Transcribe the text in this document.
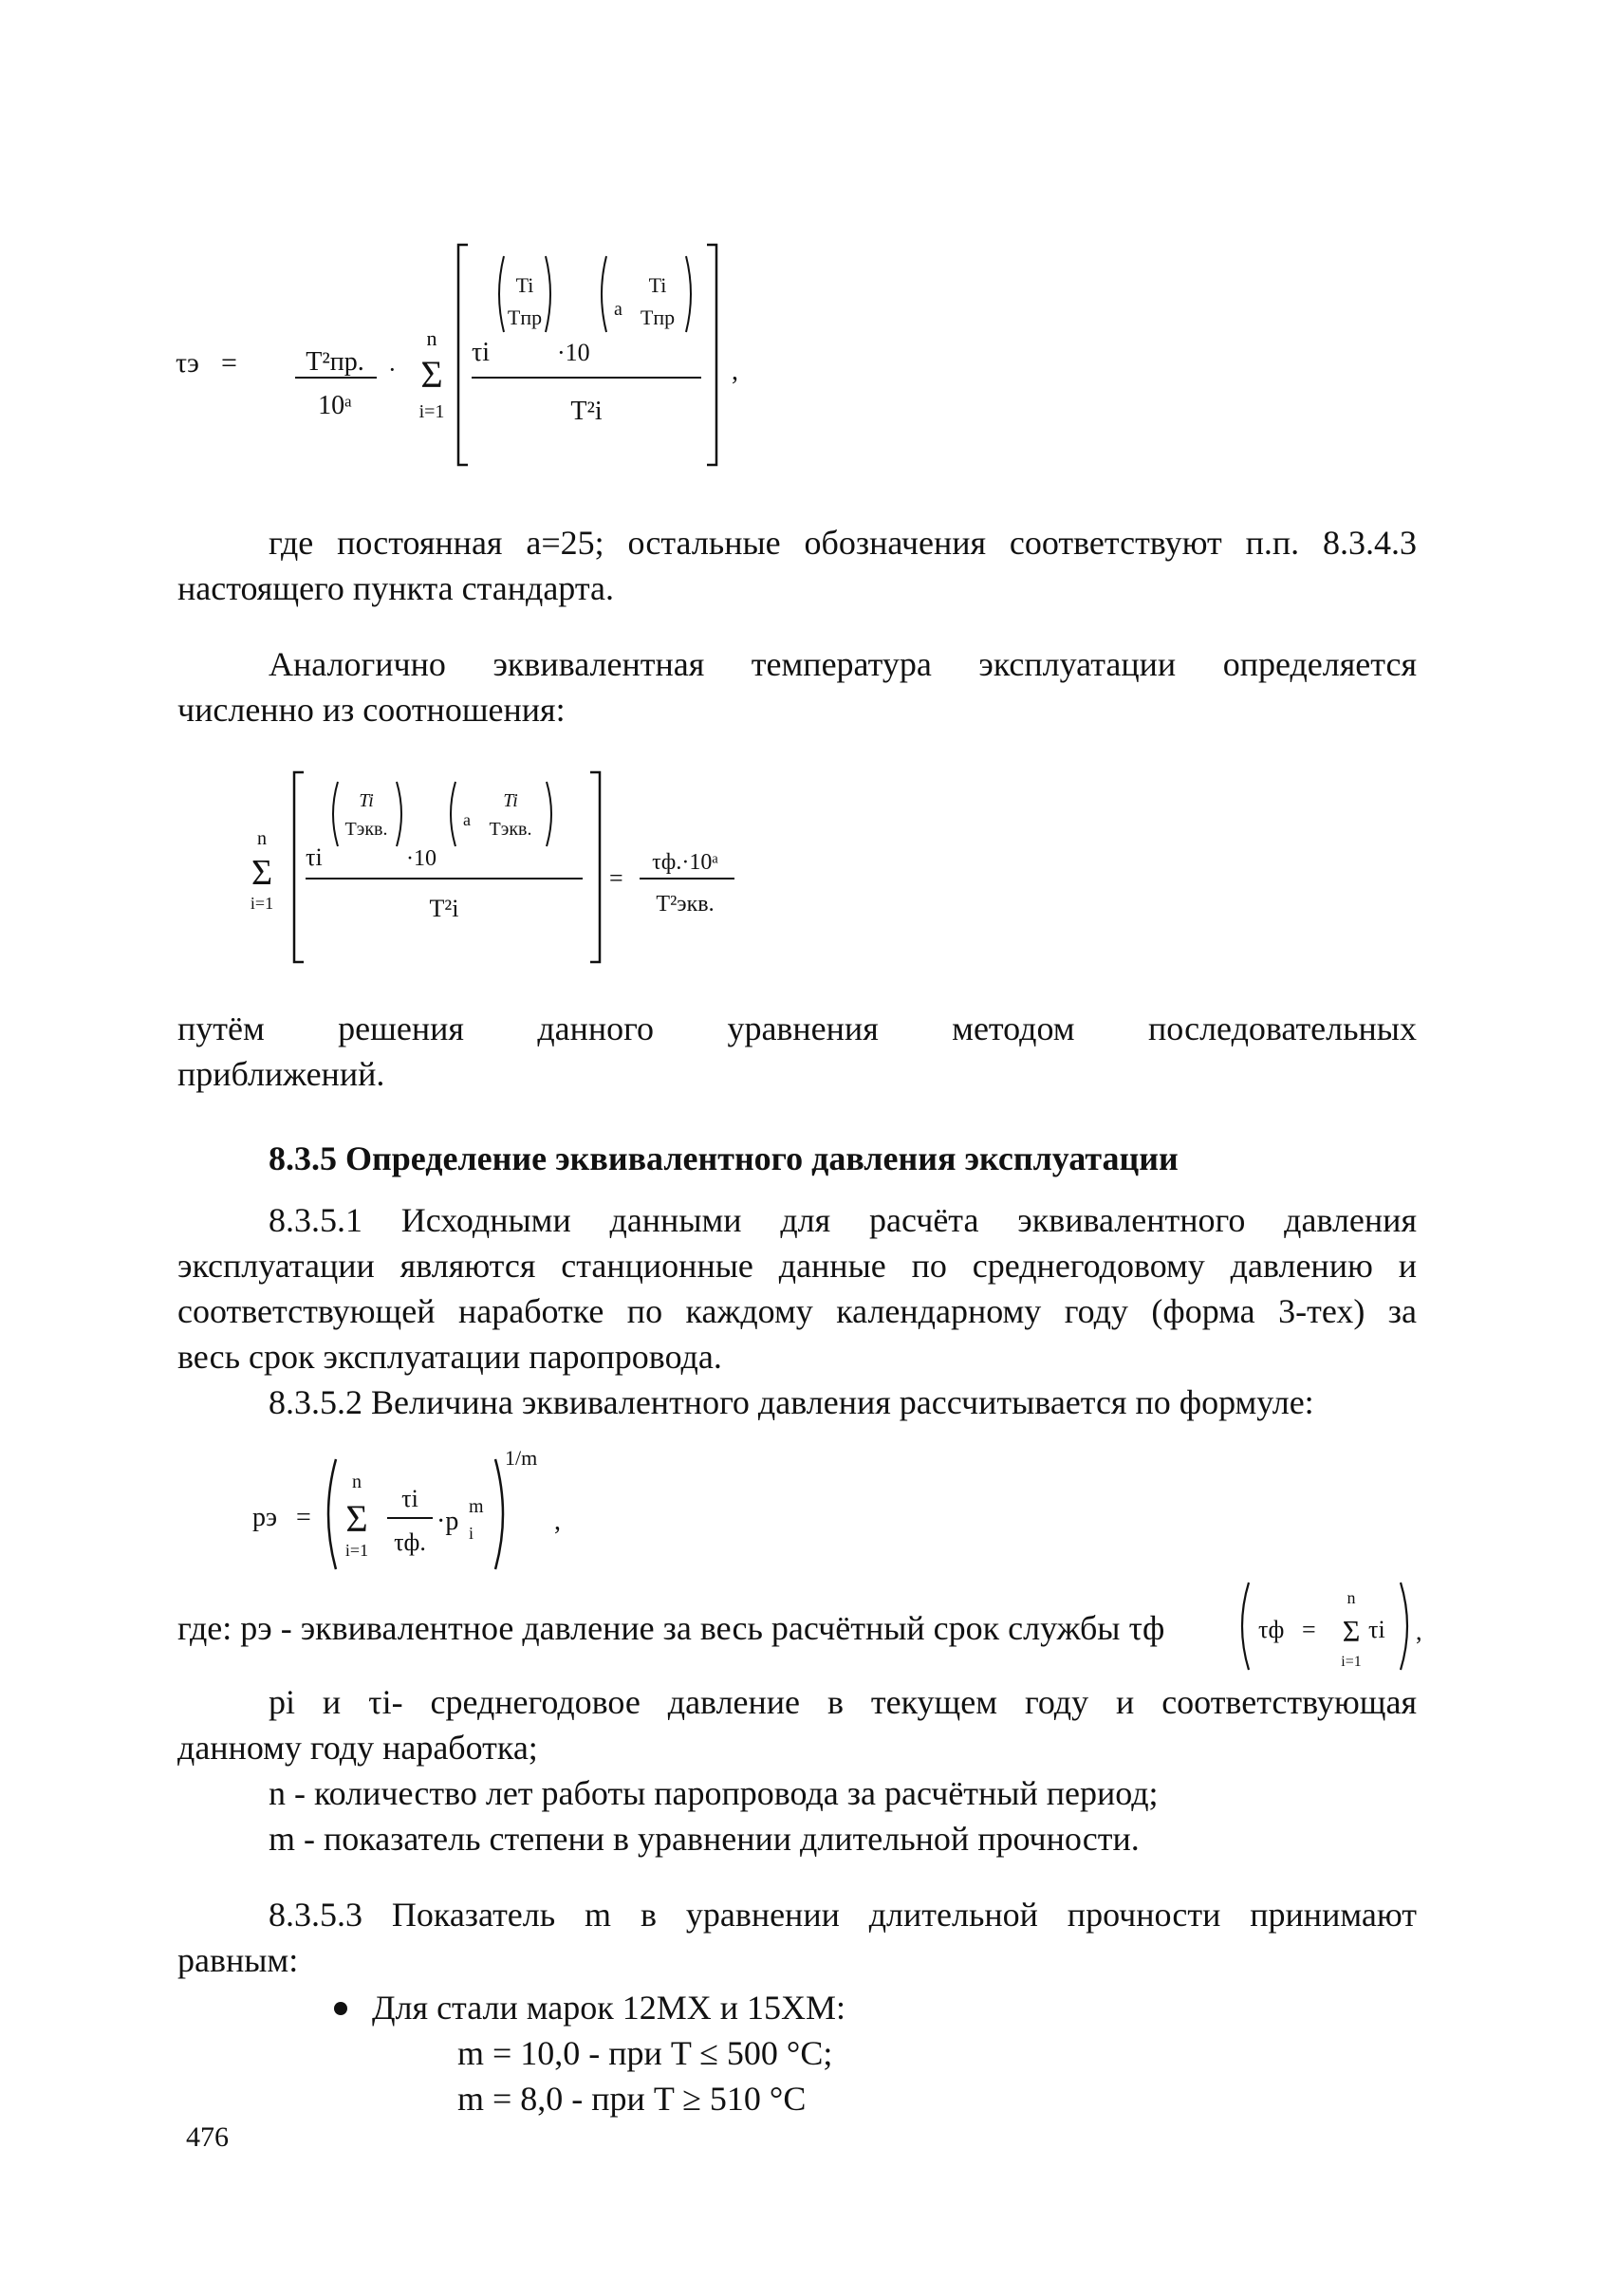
τэ =	T²пр.
10ᵃ
·
n
Σ
i=1
τi
Ti
Tпр
·10
a
Ti
Tпр
T²i
,
где постоянная a=25; остальные обозначения соответствуют п.п. 8.3.4.3
настоящего пункта стандарта.
Аналогично эквивалентная температура эксплуатации определяется
численно из соотношения:
n
Σ
i=1
τi
Ti
Tэкв.
·10
a
Ti
Tэкв.
T²i
=
τф.·10ᵃ
T²экв.
путём решения данного уравнения методом последовательных
приближений.
8.3.5 Определение эквивалентного давления эксплуатации
8.3.5.1 Исходными данными для расчёта эквивалентного давления
эксплуатации являются станционные данные по среднегодовому давлению и
соответствующей наработке по каждому календарному году (форма 3-тех) за
весь срок эксплуатации паропровода.
8.3.5.2 Величина эквивалентного давления рассчитывается по формуле:
pэ =
n
Σ
i=1
τi
τф.
·p m
i
1/m
,
где: pэ - эквивалентное давление за весь расчётный срок службы τф	τф =
n
Σ
i=1
τi ,
pi и τi- среднегодовое давление в текущем году и соответствующая
данному году наработка;
n - количество лет работы паропровода за расчётный период;
m - показатель степени в уравнении длительной прочности.
8.3.5.3 Показатель m в уравнении длительной прочности принимают
равным:
Для стали марок 12МХ и 15ХМ:
m = 10,0 - при T ≤ 500 °C;
m = 8,0 - при T ≥ 510 °C
476
